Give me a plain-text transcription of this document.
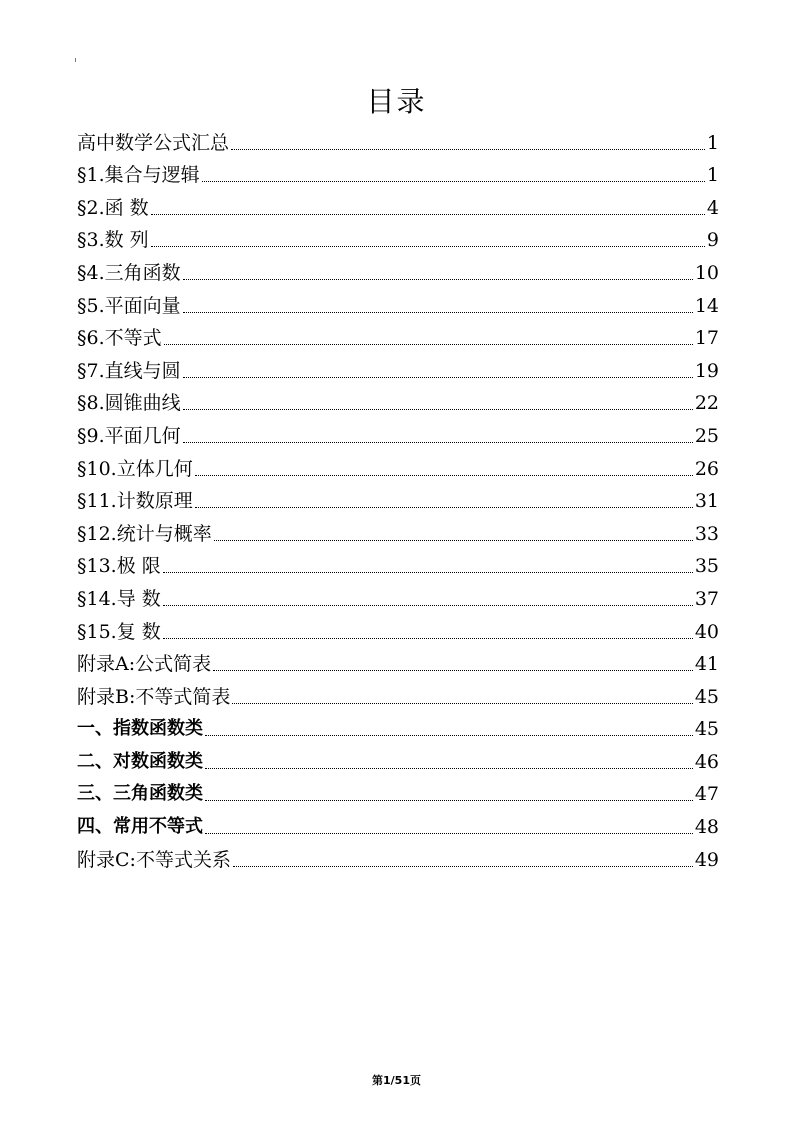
目录
高中数学公式汇总	1
§1.集合与逻辑	1
§2.函 数	4
§3.数 列	9
§4.三角函数	10
§5.平面向量	14
§6.不等式	17
§7.直线与圆	19
§8.圆锥曲线	22
§9.平面几何	25
§10.立体几何	26
§11.计数原理	31
§12.统计与概率	33
§13.极 限	35
§14.导 数	37
§15.复 数	40
附录A:公式简表	41
附录B:不等式简表	45
一、指数函数类	45
二、对数函数类	46
三、三角函数类	47
四、常用不等式	48
附录C:不等式关系	49
第1/51页
